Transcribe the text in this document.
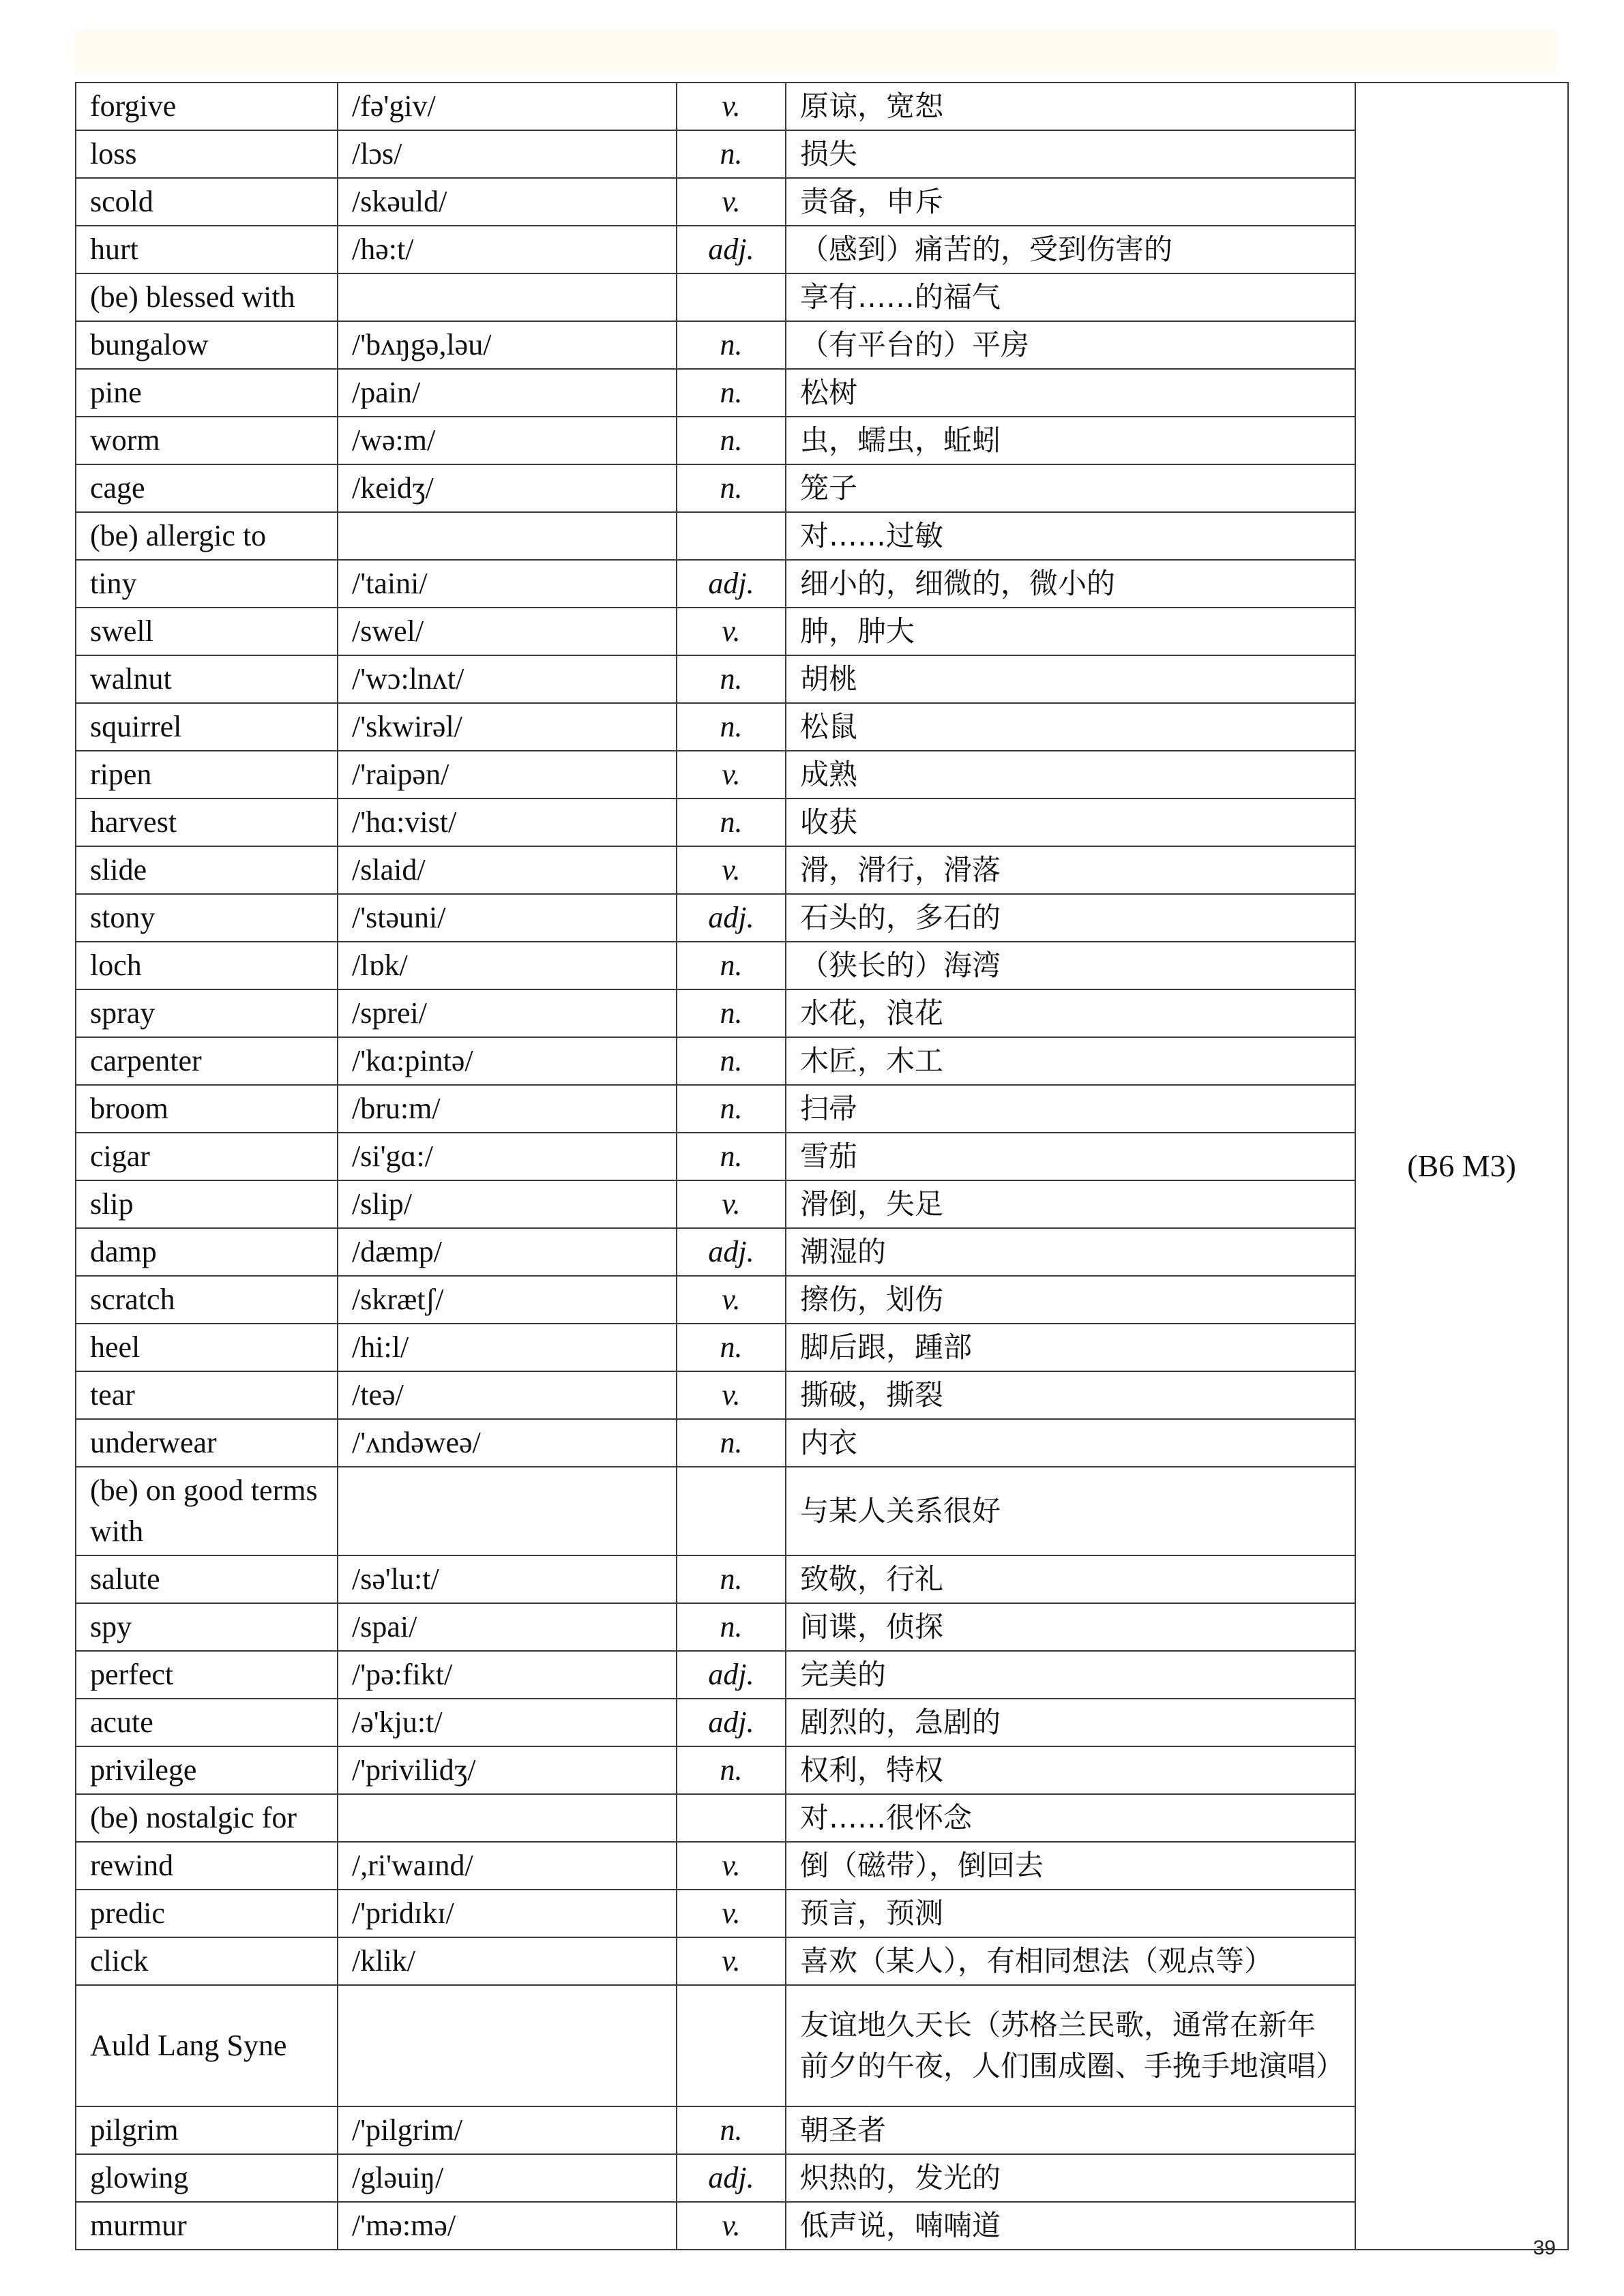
forgive	/fə'giv/	v.	原谅，宽恕	(B6 M3)
loss	/lɔs/	n.	损失	
scold	/skəuld/	v.	责备，申斥	
hurt	/hə:t/	adj.	（感到）痛苦的，受到伤害的	
(be) blessed with			享有……的福气	
bungalow	/'bʌŋgə,ləu/	n.	（有平台的）平房	
pine	/pain/	n.	松树	
worm	/wə:m/	n.	虫，蠕虫，蚯蚓	
cage	/keidʒ/	n.	笼子	
(be) allergic to			对……过敏	
tiny	/'taini/	adj.	细小的，细微的，微小的	
swell	/swel/	v.	肿，肿大	
walnut	/'wɔ:lnʌt/	n.	胡桃	
squirrel	/'skwirəl/	n.	松鼠	
ripen	/'raipən/	v.	成熟	
harvest	/'hɑ:vist/	n.	收获	
slide	/slaid/	v.	滑，滑行，滑落	
stony	/'stəuni/	adj.	石头的，多石的	
loch	/lɒk/	n.	（狭长的）海湾	
spray	/sprei/	n.	水花，浪花	
carpenter	/'kɑ:pintə/	n.	木匠，木工	
broom	/bru:m/	n.	扫帚	
cigar	/si'gɑ:/	n.	雪茄	
slip	/slip/	v.	滑倒，失足	
damp	/dæmp/	adj.	潮湿的	
scratch	/skrætʃ/	v.	擦伤，划伤	
heel	/hi:l/	n.	脚后跟，踵部	
tear	/teə/	v.	撕破，撕裂	
underwear	/'ʌndəweə/	n.	内衣	
(be) on good terms with			与某人关系很好	
salute	/sə'lu:t/	n.	致敬，行礼	
spy	/spai/	n.	间谍，侦探	
perfect	/'pə:fikt/	adj.	完美的	
acute	/ə'kju:t/	adj.	剧烈的，急剧的	
privilege	/'privilidʒ/	n.	权利，特权	
(be) nostalgic for			对……很怀念	
rewind	/,ri'waɪnd/	v.	倒（磁带），倒回去	
predic	/'pridɪkɪ/	v.	预言，预测	
click	/klik/	v.	喜欢（某人），有相同想法（观点等）	
Auld Lang Syne			友谊地久天长（苏格兰民歌，通常在新年前夕的午夜，人们围成圈、手挽手地演唱）	
pilgrim	/'pilgrim/	n.	朝圣者	
glowing	/gləuiŋ/	adj.	炽热的，发光的	
murmur	/'mə:mə/	v.	低声说，喃喃道	
39
